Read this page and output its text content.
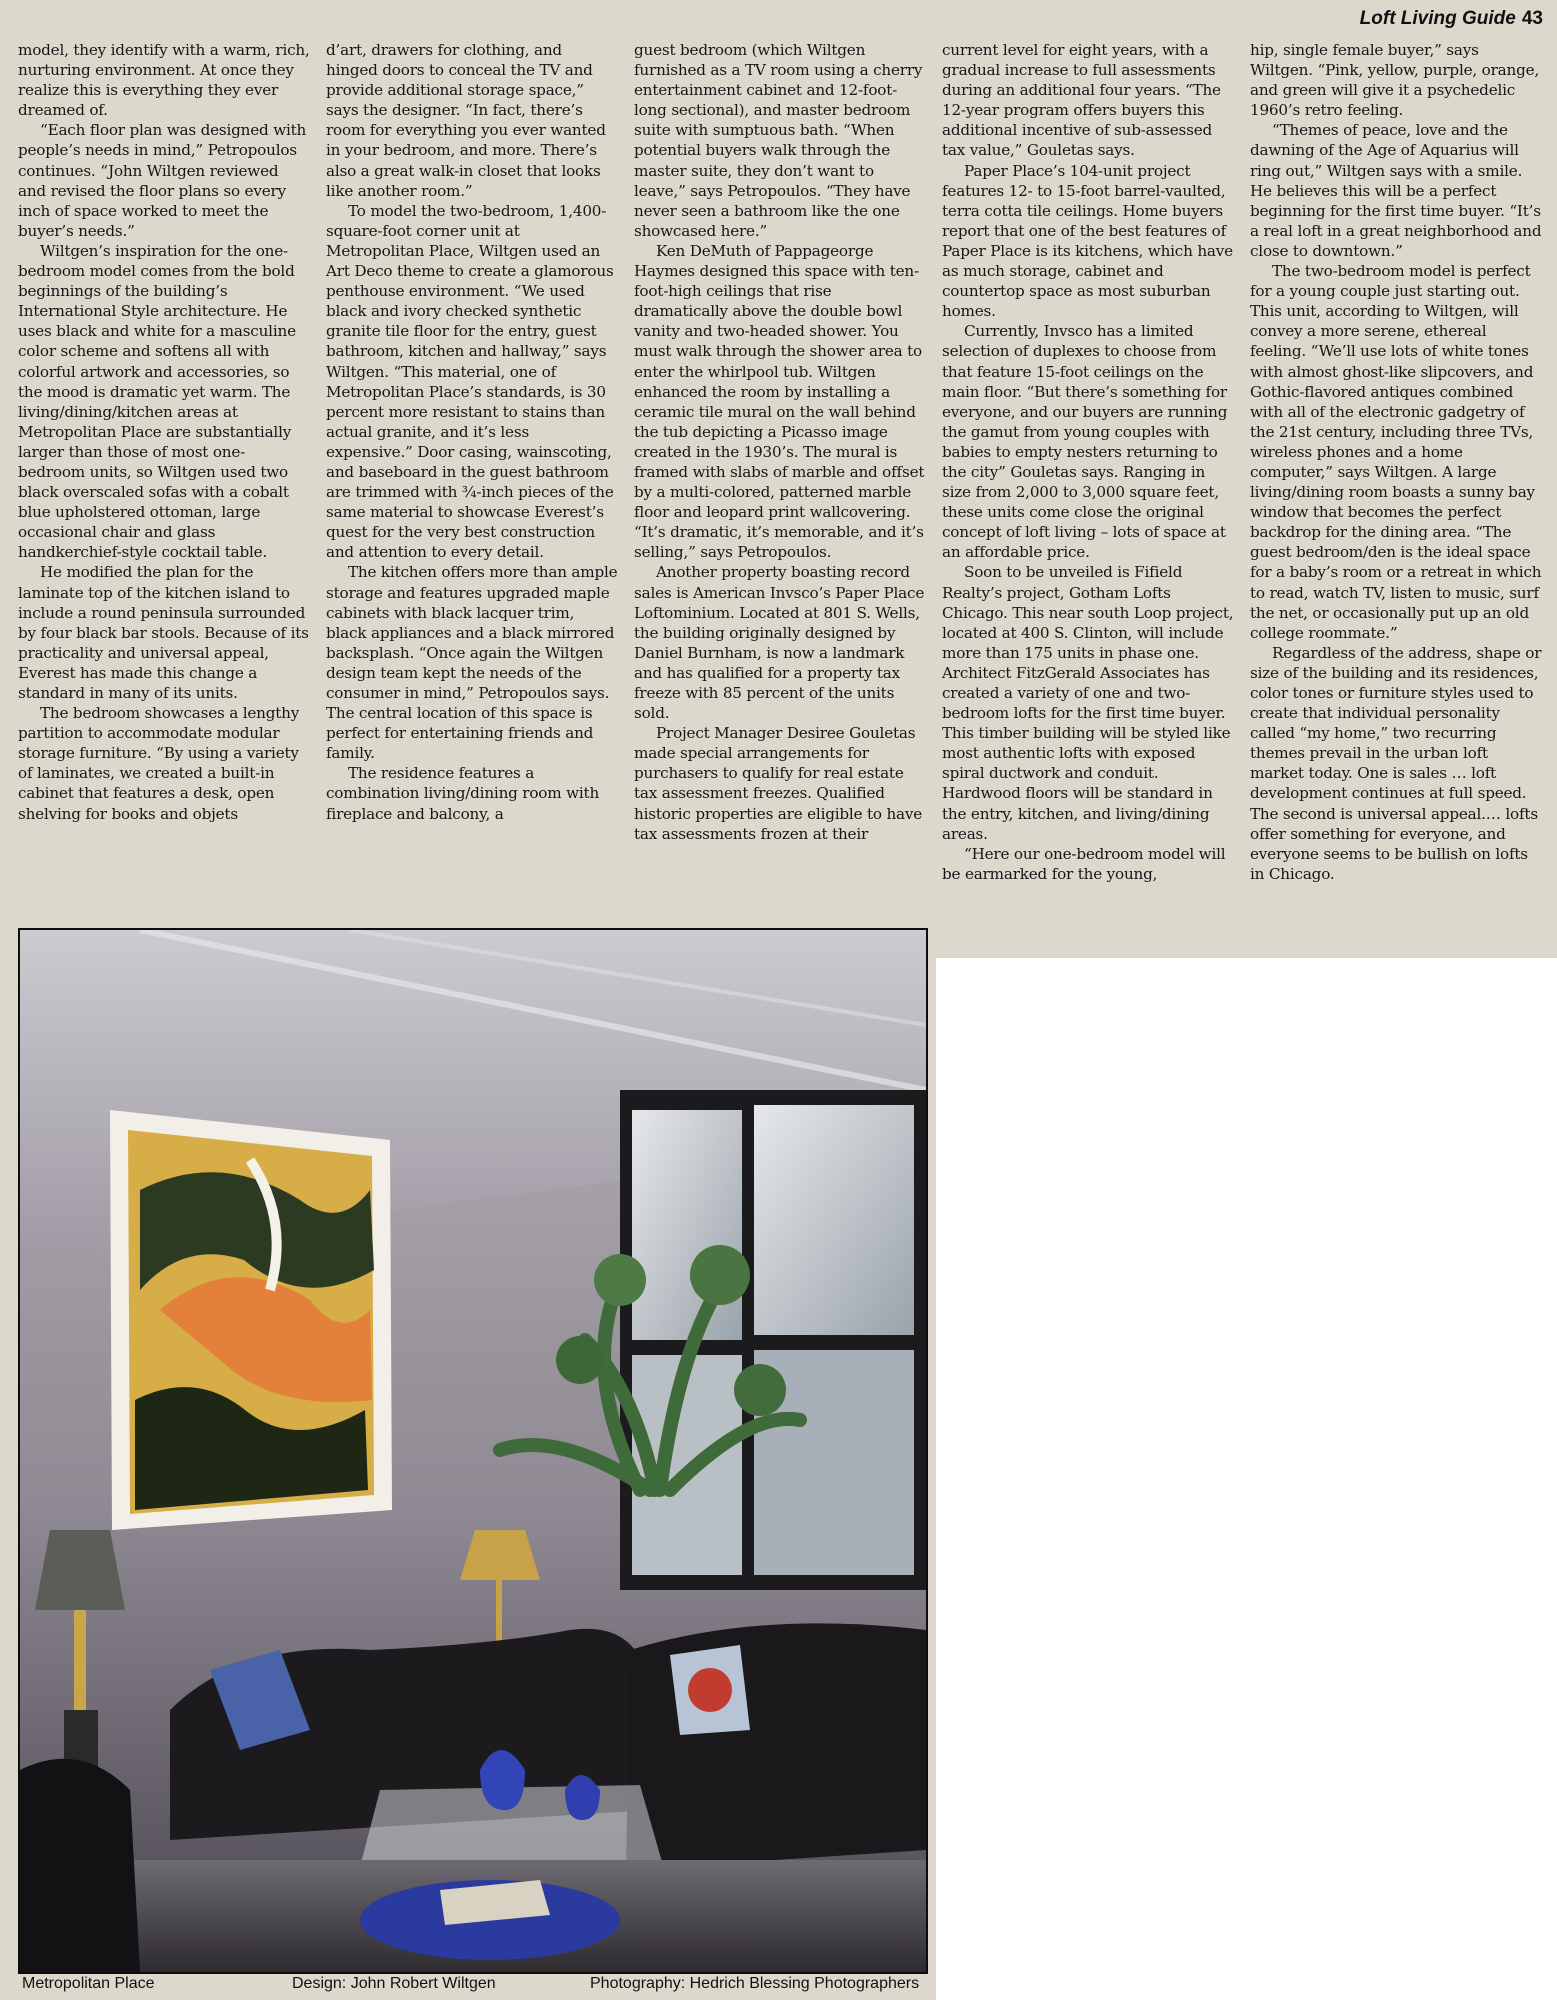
Loft Living Guide 43

model, they identify with a warm, rich, nurturing environment. At once they realize this is everything they ever dreamed of.

“Each floor plan was designed with people’s needs in mind,” Petropoulos continues. “John Wiltgen reviewed and revised the floor plans so every inch of space worked to meet the buyer’s needs.”

Wiltgen’s inspiration for the one-bedroom model comes from the bold beginnings of the building’s International Style architecture. He uses black and white for a masculine color scheme and softens all with colorful artwork and accessories, so the mood is dramatic yet warm. The living/dining/kitchen areas at Metropolitan Place are substantially larger than those of most one-bedroom units, so Wiltgen used two black overscaled sofas with a cobalt blue upholstered ottoman, large occasional chair and glass handkerchief-style cocktail table.

He modified the plan for the laminate top of the kitchen island to include a round peninsula surrounded by four black bar stools. Because of its practicality and universal appeal, Everest has made this change a standard in many of its units.

The bedroom showcases a lengthy partition to accommodate modular storage furniture. “By using a variety of laminates, we created a built-in cabinet that features a desk, open shelving for books and objets

d’art, drawers for clothing, and hinged doors to conceal the TV and provide additional storage space,” says the designer. “In fact, there’s room for everything you ever wanted in your bedroom, and more. There’s also a great walk-in closet that looks like another room.”

To model the two-bedroom, 1,400-square-foot corner unit at Metropolitan Place, Wiltgen used an Art Deco theme to create a glamorous penthouse environment. “We used black and ivory checked synthetic granite tile floor for the entry, guest bathroom, kitchen and hallway,” says Wiltgen. “This material, one of Metropolitan Place’s standards, is 30 percent more resistant to stains than actual granite, and it’s less expensive.” Door casing, wainscoting, and baseboard in the guest bathroom are trimmed with ¾-inch pieces of the same material to showcase Everest’s quest for the very best construction and attention to every detail.

The kitchen offers more than ample storage and features upgraded maple cabinets with black lacquer trim, black appliances and a black mirrored backsplash. “Once again the Wiltgen design team kept the needs of the consumer in mind,” Petropoulos says. The central location of this space is perfect for entertaining friends and family.

The residence features a combination living/dining room with fireplace and balcony, a

guest bedroom (which Wiltgen furnished as a TV room using a cherry entertainment cabinet and 12-foot-long sectional), and master bedroom suite with sumptuous bath. “When potential buyers walk through the master suite, they don’t want to leave,” says Petropoulos. “They have never seen a bathroom like the one showcased here.”

Ken DeMuth of Pappageorge Haymes designed this space with ten-foot-high ceilings that rise dramatically above the double bowl vanity and two-headed shower. You must walk through the shower area to enter the whirlpool tub. Wiltgen enhanced the room by installing a ceramic tile mural on the wall behind the tub depicting a Picasso image created in the 1930’s. The mural is framed with slabs of marble and offset by a multi-colored, patterned marble floor and leopard print wallcovering. “It’s dramatic, it’s memorable, and it’s selling,” says Petropoulos.

Another property boasting record sales is American Invsco’s Paper Place Loftominium. Located at 801 S. Wells, the building originally designed by Daniel Burnham, is now a landmark and has qualified for a property tax freeze with 85 percent of the units sold.

Project Manager Desiree Gouletas made special arrangements for purchasers to qualify for real estate tax assessment freezes. Qualified historic properties are eligible to have tax assessments frozen at their

current level for eight years, with a gradual increase to full assessments during an additional four years. “The 12-year program offers buyers this additional incentive of sub-assessed tax value,” Gouletas says.

Paper Place’s 104-unit project features 12- to 15-foot barrel-vaulted, terra cotta tile ceilings. Home buyers report that one of the best features of Paper Place is its kitchens, which have as much storage, cabinet and countertop space as most suburban homes.

Currently, Invsco has a limited selection of duplexes to choose from that feature 15-foot ceilings on the main floor. “But there’s something for everyone, and our buyers are running the gamut from young couples with babies to empty nesters returning to the city” Gouletas says. Ranging in size from 2,000 to 3,000 square feet, these units come close the original concept of loft living – lots of space at an affordable price.

Soon to be unveiled is Fifield Realty’s project, Gotham Lofts Chicago. This near south Loop project, located at 400 S. Clinton, will include more than 175 units in phase one. Architect FitzGerald Associates has created a variety of one and two-bedroom lofts for the first time buyer. This timber building will be styled like most authentic lofts with exposed spiral ductwork and conduit. Hardwood floors will be standard in the entry, kitchen, and living/dining areas.

“Here our one-bedroom model will be earmarked for the young,

hip, single female buyer,” says Wiltgen. “Pink, yellow, purple, orange, and green will give it a psychedelic 1960’s retro feeling.

“Themes of peace, love and the dawning of the Age of Aquarius will ring out,” Wiltgen says with a smile. He believes this will be a perfect beginning for the first time buyer. “It’s a real loft in a great neighborhood and close to downtown.”

The two-bedroom model is perfect for a young couple just starting out. This unit, according to Wiltgen, will convey a more serene, ethereal feeling. “We’ll use lots of white tones with almost ghost-like slipcovers, and Gothic-flavored antiques combined with all of the electronic gadgetry of the 21st century, including three TVs, wireless phones and a home computer,” says Wiltgen. A large living/dining room boasts a sunny bay window that becomes the perfect backdrop for the dining area. “The guest bedroom/den is the ideal space for a baby’s room or a retreat in which to read, watch TV, listen to music, surf the net, or occasionally put up an old college roommate.”

Regardless of the address, shape or size of the building and its residences, color tones or furniture styles used to create that individual personality called “my home,” two recurring themes prevail in the urban loft market today. One is sales … loft development continues at full speed. The second is universal appeal.… lofts offer something for everyone, and everyone seems to be bullish on lofts in Chicago.

Metropolitan Place	Design: John Robert Wiltgen	Photography: Hedrich Blessing Photographers
